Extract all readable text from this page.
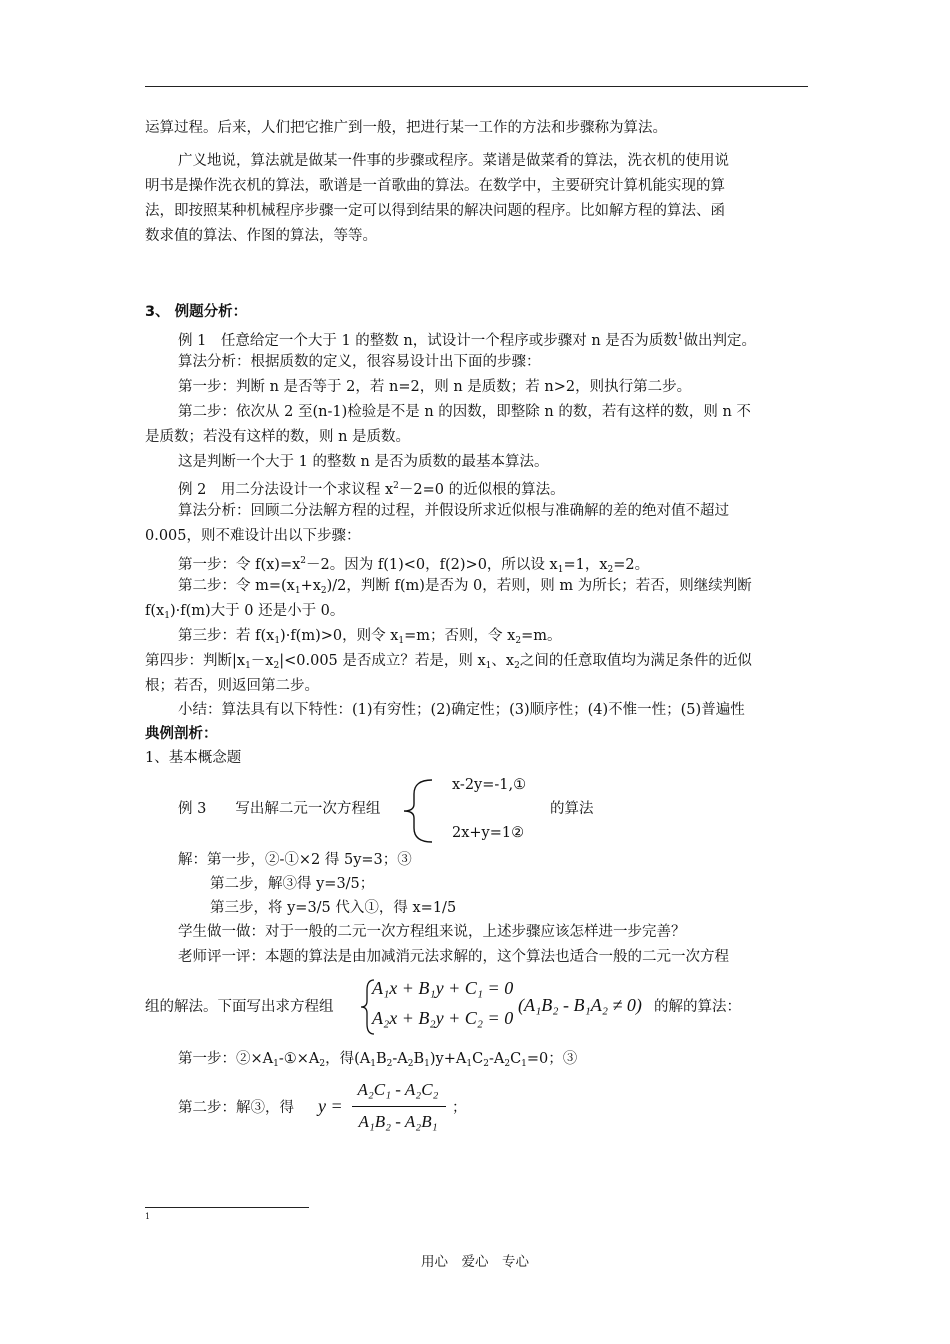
运算过程。后来，人们把它推广到一般，把进行某一工作的方法和步骤称为算法。
广义地说，算法就是做某一件事的步骤或程序。菜谱是做菜肴的算法，洗衣机的使用说
明书是操作洗衣机的算法，歌谱是一首歌曲的算法。在数学中，主要研究计算机能实现的算
法，即按照某种机械程序步骤一定可以得到结果的解决问题的程序。比如解方程的算法、函
数求值的算法、作图的算法，等等。
3、 例题分析：
例 1　任意给定一个大于 1 的整数 n，试设计一个程序或步骤对 n 是否为质数$^1$做出判定。
算法分析：根据质数的定义，很容易设计出下面的步骤：
第一步：判断 n 是否等于 2，若 n=2，则 n 是质数；若 n>2，则执行第二步。
第二步：依次从 2 至(n-1)检验是不是 n 的因数，即整除 n 的数，若有这样的数，则 n 不
是质数；若没有这样的数，则 n 是质数。
这是判断一个大于 1 的整数 n 是否为质数的最基本算法。
例 2　用二分法设计一个求议程 $x^2-2=0$ 的近似根的算法。
算法分析：回顾二分法解方程的过程，并假设所求近似根与准确解的差的绝对值不超过
0.005，则不难设计出以下步骤：
第一步：令 $f(x)=x^2-2$。因为 f(1)<0，f(2)>0，所以设 $x_1=1$，$x_2=2$。
第二步：令 $m=(x_1+x_2)/2$，判断 f(m)是否为 0，若则，则 m 为所长；若否，则继续判断
$f(x_1)\cdot f(m)$大于 0 还是小于 0。
第三步：若 $f(x_1)\cdot f(m)>0$，则令 $x_1=m$；否则，令 $x_2=m$。
第四步：判断$|x_1-x_2|<0.005$ 是否成立？若是，则 $x_1$、$x_2$之间的任意取值均为满足条件的近似
根；若否，则返回第二步。
小结：算法具有以下特性：(1)有穷性；(2)确定性；(3)顺序性；(4)不惟一性；(5)普遍性
典例剖析：
1、基本概念题
例 3　　写出解二元一次方程组
x-2y=-1,①
2x+y=1②
的算法
解：第一步，②-①×2 得 5y=3；③
第二步，解③得 y=3/5；
第三步，将 y=3/5 代入①，得 x=1/5
学生做一做：对于一般的二元一次方程组来说，上述步骤应该怎样进一步完善？
老师评一评：本题的算法是由加减消元法求解的，这个算法也适合一般的二元一次方程
组的解法。下面写出求方程组
A₁x + B₁y + C₁ = 0
A₂x + B₂y + C₂ = 0
(A₁B₂ - B₁A₂ ≠ 0) 的解的算法：
第一步：$②\times A_1-①\times A_2$，得$(A_1B_2-A_2B_1)y+A_1C_2-A_2C_1=0$；③
第二步：解③，得 y =
A₂C₁ - A₂C₂
A₁B₂ - A₂B₁
；
1
用心　爱心　专心
